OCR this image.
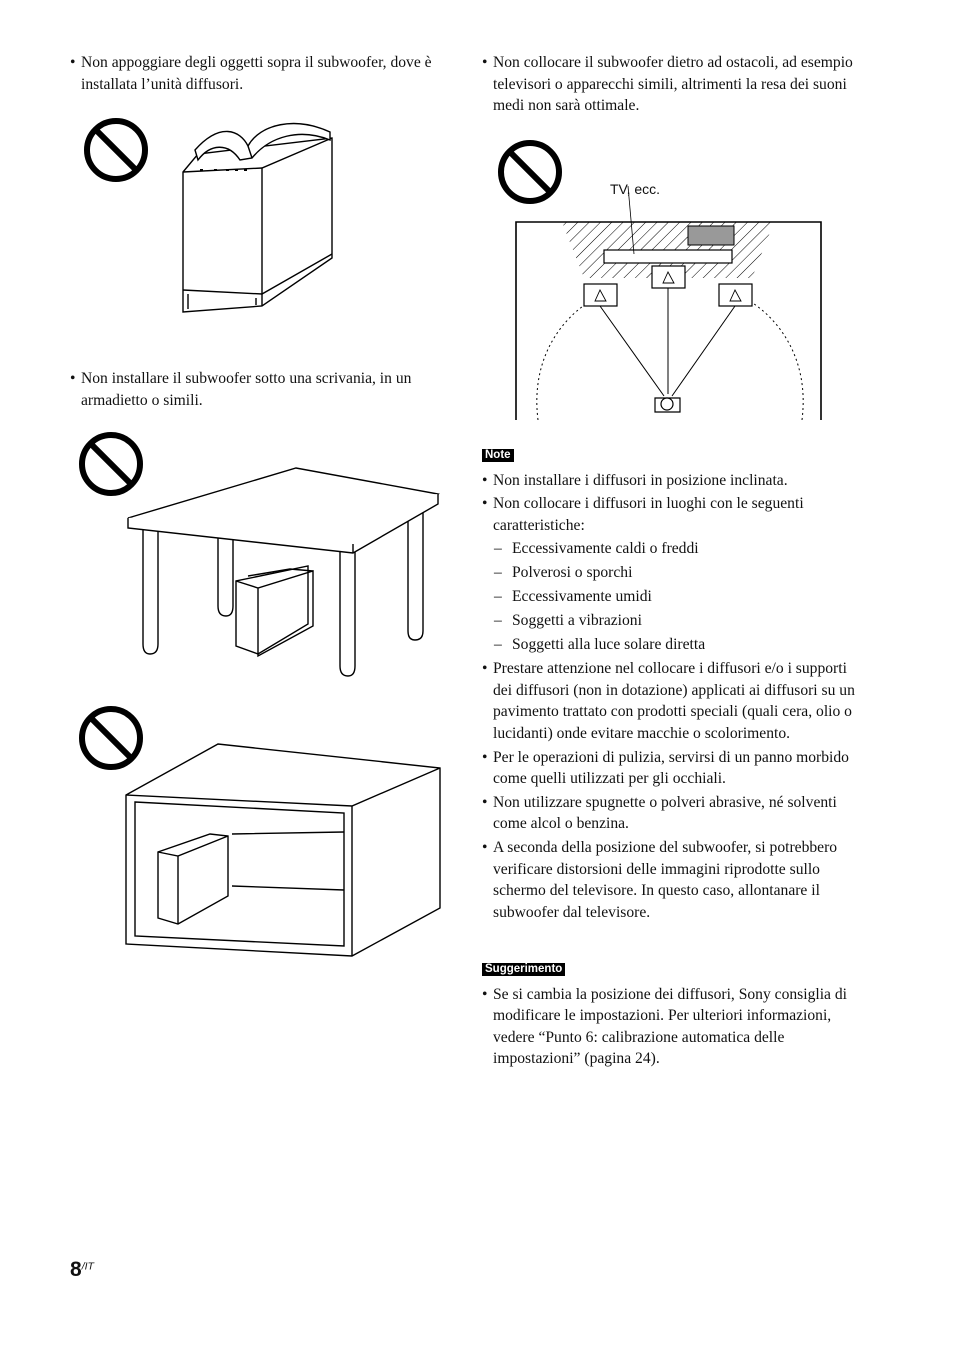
• Non appoggiare degli oggetti sopra il subwoofer, dove è installata l’unità diffusori.
• Non installare il subwoofer sotto una scrivania, in un armadietto o simili.
• Non collocare il subwoofer dietro ad ostacoli, ad esempio televisori o apparecchi simili, altrimenti la resa dei suoni medi non sarà ottimale.
TV, ecc.
Note
• Non installare i diffusori in posizione inclinata.
• Non collocare i diffusori in luoghi con le seguenti caratteristiche:
– Eccessivamente caldi o freddi
– Polverosi o sporchi
– Eccessivamente umidi
– Soggetti a vibrazioni
– Soggetti alla luce solare diretta
• Prestare attenzione nel collocare i diffusori e/o i supporti dei diffusori (non in dotazione) applicati ai diffusori su un pavimento trattato con prodotti speciali (quali cera, olio o lucidanti) onde evitare macchie o scolorimento.
• Per le operazioni di pulizia, servirsi di un panno morbido come quelli utilizzati per gli occhiali.
• Non utilizzare spugnette o polveri abrasive, né solventi come alcol o benzina.
• A seconda della posizione del subwoofer, si potrebbero verificare distorsioni delle immagini riprodotte sullo schermo del televisore. In questo caso, allontanare il subwoofer dal televisore.
Suggerimento
• Se si cambia la posizione dei diffusori, Sony consiglia di modificare le impostazioni. Per ulteriori informazioni, vedere “Punto 6: calibrazione automatica delle impostazioni” (pagina 24).
$8^{/IT}$
